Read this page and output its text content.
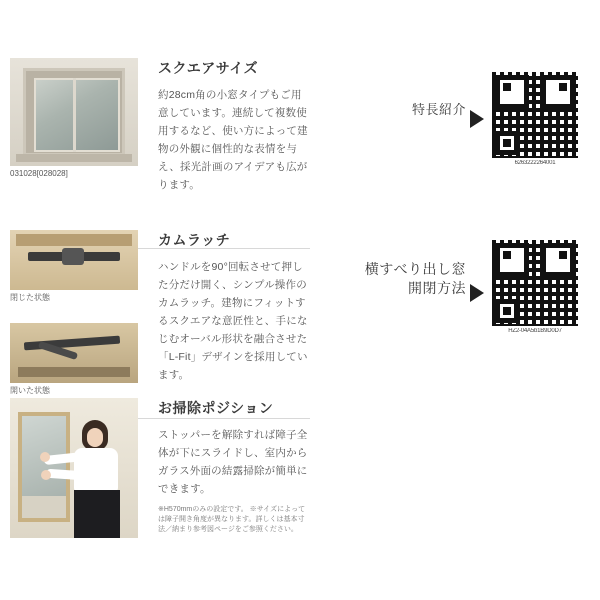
031028[028028]
スクエアサイズ

約28cm角の小窓タイプもご用意しています。連続して複数使用するなど、使い方によって建物の外観に個性的な表情を与え、採光計画のアイデアも広がります。

閉じた状態
開いた状態
カムラッチ

ハンドルを90°回転させて押した分だけ開く、シンプル操作のカムラッチ。建物にフィットするスクエアな意匠性と、手になじむオーバル形状を融合させた「L-Fit」デザインを採用しています。

お掃除ポジション

ストッパーを解除すれば障子全体が下にスライドし、室内からガラス外面の結露掃除が簡単にできます。

※H570mmのみの設定です。 ※サイズによっては障子開き角度が異なります。詳しくは基本寸法／納まり参考図ページをご参照ください。

特長紹介
6263222264001
横すべり出し窓
開閉方法
HZ2-04A5b1B9D0D7
